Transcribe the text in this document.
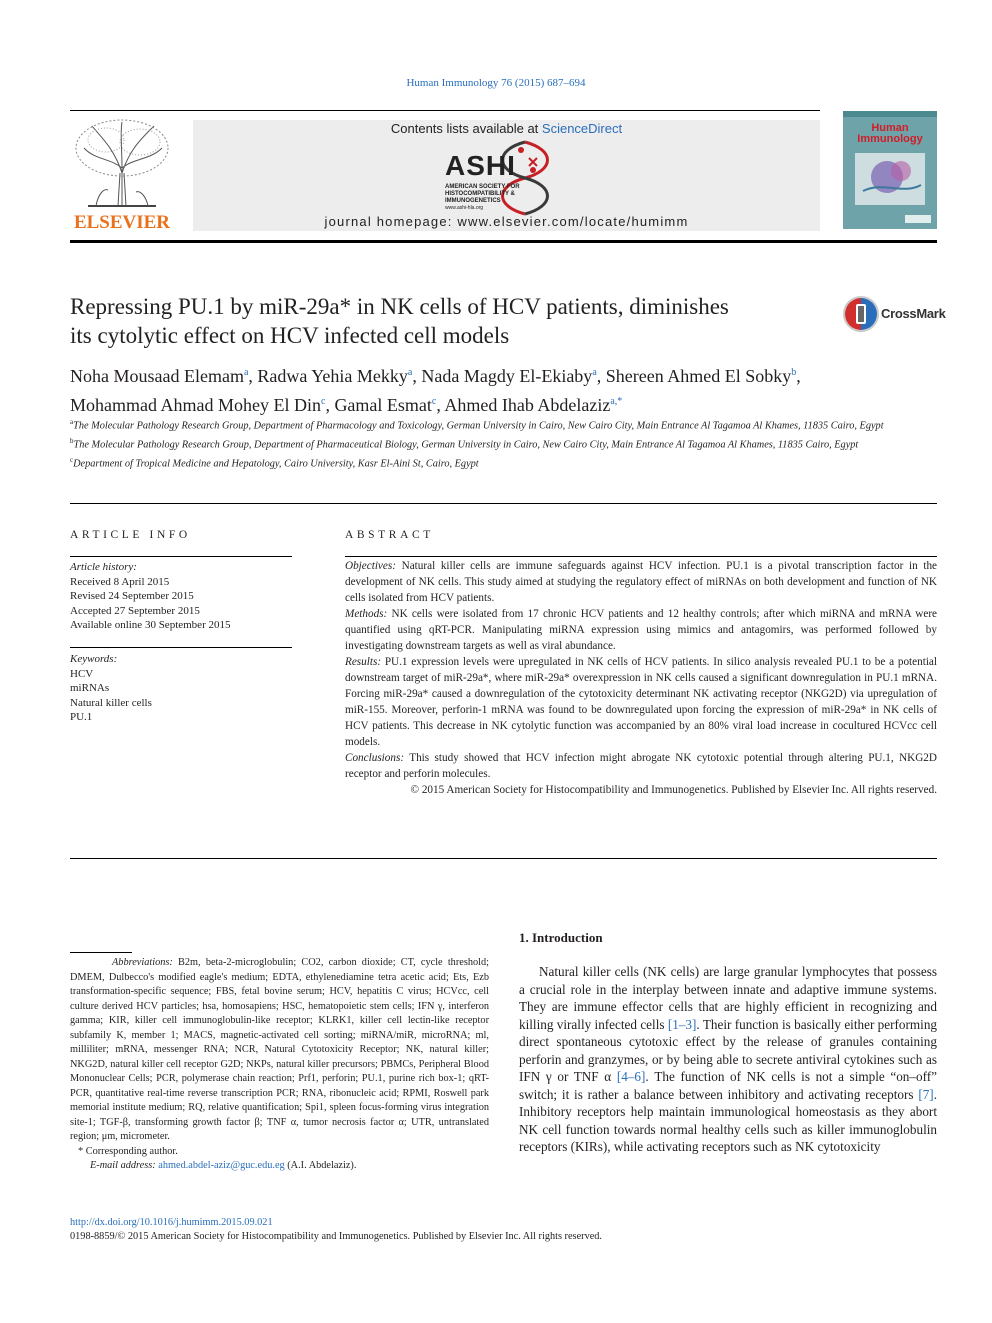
Human Immunology 76 (2015) 687–694
ELSEVIER
Contents lists available at ScienceDirect
ASHI
AMERICAN SOCIETY FOR
HISTOCOMPATIBILITY &
IMMUNOGENETICS
www.ashi-hla.org
journal homepage: www.elsevier.com/locate/humimm
Human
Immunology
Repressing PU.1 by miR-29a* in NK cells of HCV patients, diminishes
its cytolytic effect on HCV infected cell models
CrossMark
Noha Mousaad Elemam$^a$, Radwa Yehia Mekky$^a$, Nada Magdy El-Ekiaby$^a$, Shereen Ahmed El Sobky$^b$,
Mohammad Ahmad Mohey El Din$^c$, Gamal Esmat$^c$, Ahmed Ihab Abdelaziz$^{a,*}$
$^a$The Molecular Pathology Research Group, Department of Pharmacology and Toxicology, German University in Cairo, New Cairo City, Main Entrance Al Tagamoa Al Khames, 11835 Cairo, Egypt
$^b$The Molecular Pathology Research Group, Department of Pharmaceutical Biology, German University in Cairo, New Cairo City, Main Entrance Al Tagamoa Al Khames, 11835 Cairo, Egypt
$^c$Department of Tropical Medicine and Hepatology, Cairo University, Kasr El-Aini St, Cairo, Egypt
ARTICLE INFO
Article history:
Received 8 April 2015
Revised 24 September 2015
Accepted 27 September 2015
Available online 30 September 2015
Keywords:
HCV
miRNAs
Natural killer cells
PU.1
ABSTRACT

Objectives: Natural killer cells are immune safeguards against HCV infection. PU.1 is a pivotal transcription factor in the development of NK cells. This study aimed at studying the regulatory effect of miRNAs on both development and function of NK cells isolated from HCV patients.

Methods: NK cells were isolated from 17 chronic HCV patients and 12 healthy controls; after which miRNA and mRNA were quantified using qRT-PCR. Manipulating miRNA expression using mimics and antagomirs, was performed followed by investigating downstream targets as well as viral abundance.

Results: PU.1 expression levels were upregulated in NK cells of HCV patients. In silico analysis revealed PU.1 to be a potential downstream target of miR-29a*, where miR-29a* overexpression in NK cells caused a significant downregulation in PU.1 mRNA. Forcing miR-29a* caused a downregulation of the cytotoxicity determinant NK activating receptor (NKG2D) via upregulation of miR-155. Moreover, perforin-1 mRNA was found to be downregulated upon forcing the expression of miR-29a* in NK cells of HCV patients. This decrease in NK cytolytic function was accompanied by an 80% viral load increase in cocultured HCVcc cell models.

Conclusions: This study showed that HCV infection might abrogate NK cytotoxic potential through altering PU.1, NKG2D receptor and perforin molecules.

© 2015 American Society for Histocompatibility and Immunogenetics. Published by Elsevier Inc. All rights reserved.

Abbreviations: B2m, beta-2-microglobulin; CO2, carbon dioxide; CT, cycle threshold; DMEM, Dulbecco's modified eagle's medium; EDTA, ethylenediamine tetra acetic acid; Ets, Ezb transformation-specific sequence; FBS, fetal bovine serum; HCV, hepatitis C virus; HCVcc, cell culture derived HCV particles; hsa, homosapiens; HSC, hematopoietic stem cells; IFN γ, interferon gamma; KIR, killer cell immunoglobulin-like receptor; KLRK1, killer cell lectin-like receptor subfamily K, member 1; MACS, magnetic-activated cell sorting; miRNA/miR, microRNA; ml, milliliter; mRNA, messenger RNA; NCR, Natural Cytotoxicity Receptor; NK, natural killer; NKG2D, natural killer cell receptor G2D; NKPs, natural killer precursors; PBMCs, Peripheral Blood Mononuclear Cells; PCR, polymerase chain reaction; Prf1, perforin; PU.1, purine rich box-1; qRT-PCR, quantitative real-time reverse transcription PCR; RNA, ribonucleic acid; RPMI, Roswell park memorial institute medium; RQ, relative quantification; Spi1, spleen focus-forming virus integration site-1; TGF-β, transforming growth factor β; TNF α, tumor necrosis factor α; UTR, untranslated region; μm, micrometer.
* Corresponding author.
E-mail address: ahmed.abdel-aziz@guc.edu.eg (A.I. Abdelaziz).
1. Introduction
Natural killer cells (NK cells) are large granular lymphocytes that possess a crucial role in the interplay between innate and adaptive immune systems. They are immune effector cells that are highly efficient in recognizing and killing virally infected cells [1–3]. Their function is basically either performing direct spontaneous cytotoxic effect by the release of granules containing perforin and granzymes, or by being able to secrete antiviral cytokines such as IFN γ or TNF α [4–6]. The function of NK cells is not a simple “on–off” switch; it is rather a balance between inhibitory and activating receptors [7]. Inhibitory receptors help maintain immunological homeostasis as they abort NK cell function towards normal healthy cells such as killer immunoglobulin receptors (KIRs), while activating receptors such as NK cytotoxicity
http://dx.doi.org/10.1016/j.humimm.2015.09.021
0198-8859/© 2015 American Society for Histocompatibility and Immunogenetics. Published by Elsevier Inc. All rights reserved.
